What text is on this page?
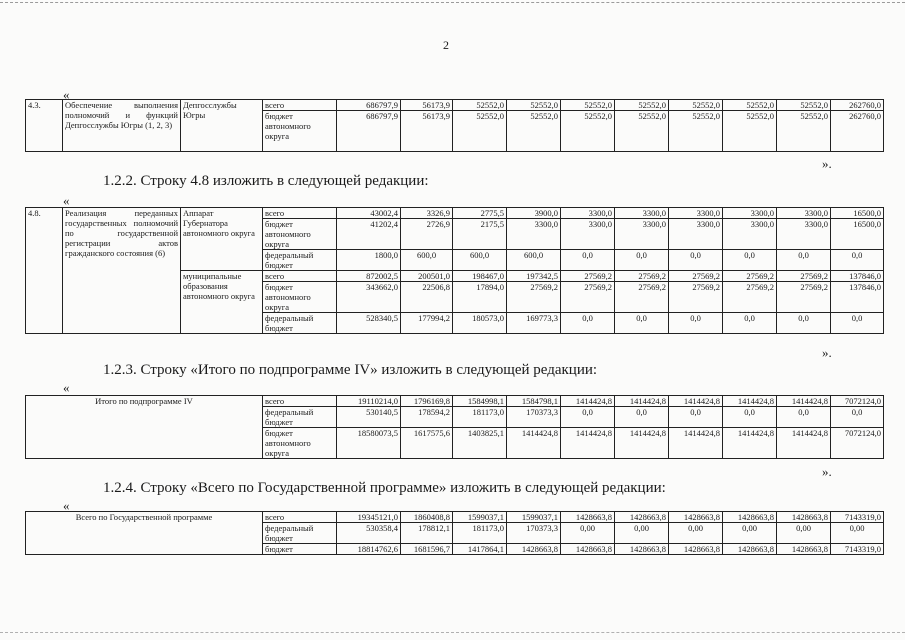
2
«
4.3.	Обеспечение выполнения полномочий и функций Депгосслужбы Югры (1, 2, 3)	Депгосслужбы Югры	всего	686797,9	56173,9	52552,0	52552,0	52552,0	52552,0	52552,0	52552,0	52552,0	262760,0
			бюджет автономного округа	686797,9	56173,9	52552,0	52552,0	52552,0	52552,0	52552,0	52552,0	52552,0	262760,0
».
1.2.2. Строку 4.8 изложить в следующей редакции:
«
4.8.	Реализация переданных государственных полномочий по государственной регистрации актов гражданского состояния (6)	Аппарат Губернатора автономного округа	всего	43002,4	3326,9	2775,5	3900,0	3300,0	3300,0	3300,0	3300,0	3300,0	16500,0
			бюджет автономного округа	41202,4	2726,9	2175,5	3300,0	3300,0	3300,0	3300,0	3300,0	3300,0	16500,0
			федеральный бюджет	1800,0	600,0	600,0	600,0	0,0	0,0	0,0	0,0	0,0	0,0
		муниципальные образования автономного округа	всего	872002,5	200501,0	198467,0	197342,5	27569,2	27569,2	27569,2	27569,2	27569,2	137846,0
			бюджет автономного округа	343662,0	22506,8	17894,0	27569,2	27569,2	27569,2	27569,2	27569,2	27569,2	137846,0
			федеральный бюджет	528340,5	177994,2	180573,0	169773,3	0,0	0,0	0,0	0,0	0,0	0,0
».
1.2.3. Строку «Итого по подпрограмме IV» изложить в следующей редакции:
«
Итого по подпрограмме IV	всего	19110214,0	1796169,8	1584998,1	1584798,1	1414424,8	1414424,8	1414424,8	1414424,8	1414424,8	7072124,0
	федеральный бюджет	530140,5	178594,2	181173,0	170373,3	0,0	0,0	0,0	0,0	0,0	0,0
	бюджет автономного округа	18580073,5	1617575,6	1403825,1	1414424,8	1414424,8	1414424,8	1414424,8	1414424,8	1414424,8	7072124,0
».
1.2.4. Строку «Всего по Государственной программе» изложить в следующей редакции:
«
Всего по Государственной программе	всего	19345121,0	1860408,8	1599037,1	1599037,1	1428663,8	1428663,8	1428663,8	1428663,8	1428663,8	7143319,0
	федеральный бюджет	530358,4	178812,1	181173,0	170373,3	0,00	0,00	0,00	0,00	0,00	0,00
	бюджет	18814762,6	1681596,7	1417864,1	1428663,8	1428663,8	1428663,8	1428663,8	1428663,8	1428663,8	7143319,0
